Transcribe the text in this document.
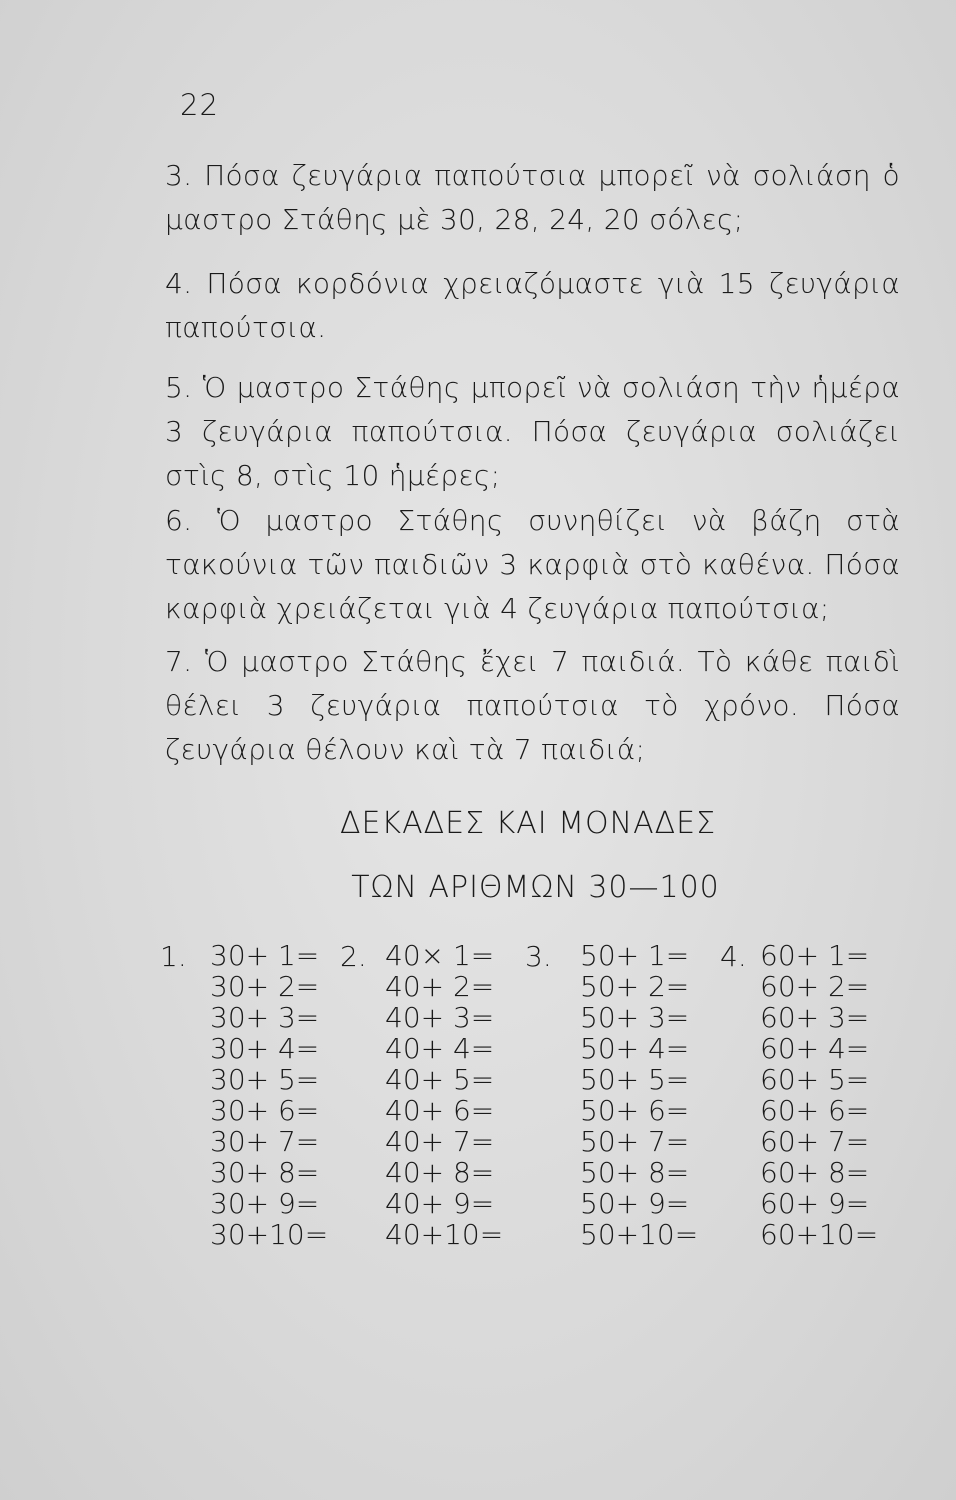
22
3. Πόσα ζευγάρια παπούτσια μπορεῖ νὰ σολιάση ὁ μαστρο Στάθης μὲ 30, 28, 24, 20 σόλες;
4. Πόσα κορδόνια χρειαζόμαστε γιὰ 15 ζευγάρια παπούτσια.
5. Ὁ μαστρο Στάθης μπορεῖ νὰ σολιάση τὴν ἡμέρα 3 ζευγάρια παπούτσια. Πόσα ζευγάρια σολιάζει στὶς 8, στὶς 10 ἡμέρες;
6. Ὁ μαστρο Στάθης συνηθίζει νὰ βάζη στὰ τακούνια τῶν παιδιῶν 3 καρφιὰ στὸ καθένα. Πόσα καρφιὰ χρειάζεται γιὰ 4 ζευγάρια παπούτσια;
7. Ὁ μαστρο Στάθης ἔχει 7 παιδιά. Τὸ κάθε παιδὶ θέλει 3 ζευγάρια παπούτσια τὸ χρόνο. Πόσα ζευγάρια θέλουν καὶ τὰ 7 παιδιά;
ΔΕΚΑΔΕΣ ΚΑΙ ΜΟΝΑΔΕΣ
ΤΩΝ ΑΡΙΘΜΩΝ 30—100
1. 30+ 1=
30+ 2=
30+ 3=
30+ 4=
30+ 5=
30+ 6=
30+ 7=
30+ 8=
30+ 9=
30+10=
2. 40× 1=
40+ 2=
40+ 3=
40+ 4=
40+ 5=
40+ 6=
40+ 7=
40+ 8=
40+ 9=
40+10=
3. 50+ 1=
50+ 2=
50+ 3=
50+ 4=
50+ 5=
50+ 6=
50+ 7=
50+ 8=
50+ 9=
50+10=
4. 60+ 1=
60+ 2=
60+ 3=
60+ 4=
60+ 5=
60+ 6=
60+ 7=
60+ 8=
60+ 9=
60+10=
